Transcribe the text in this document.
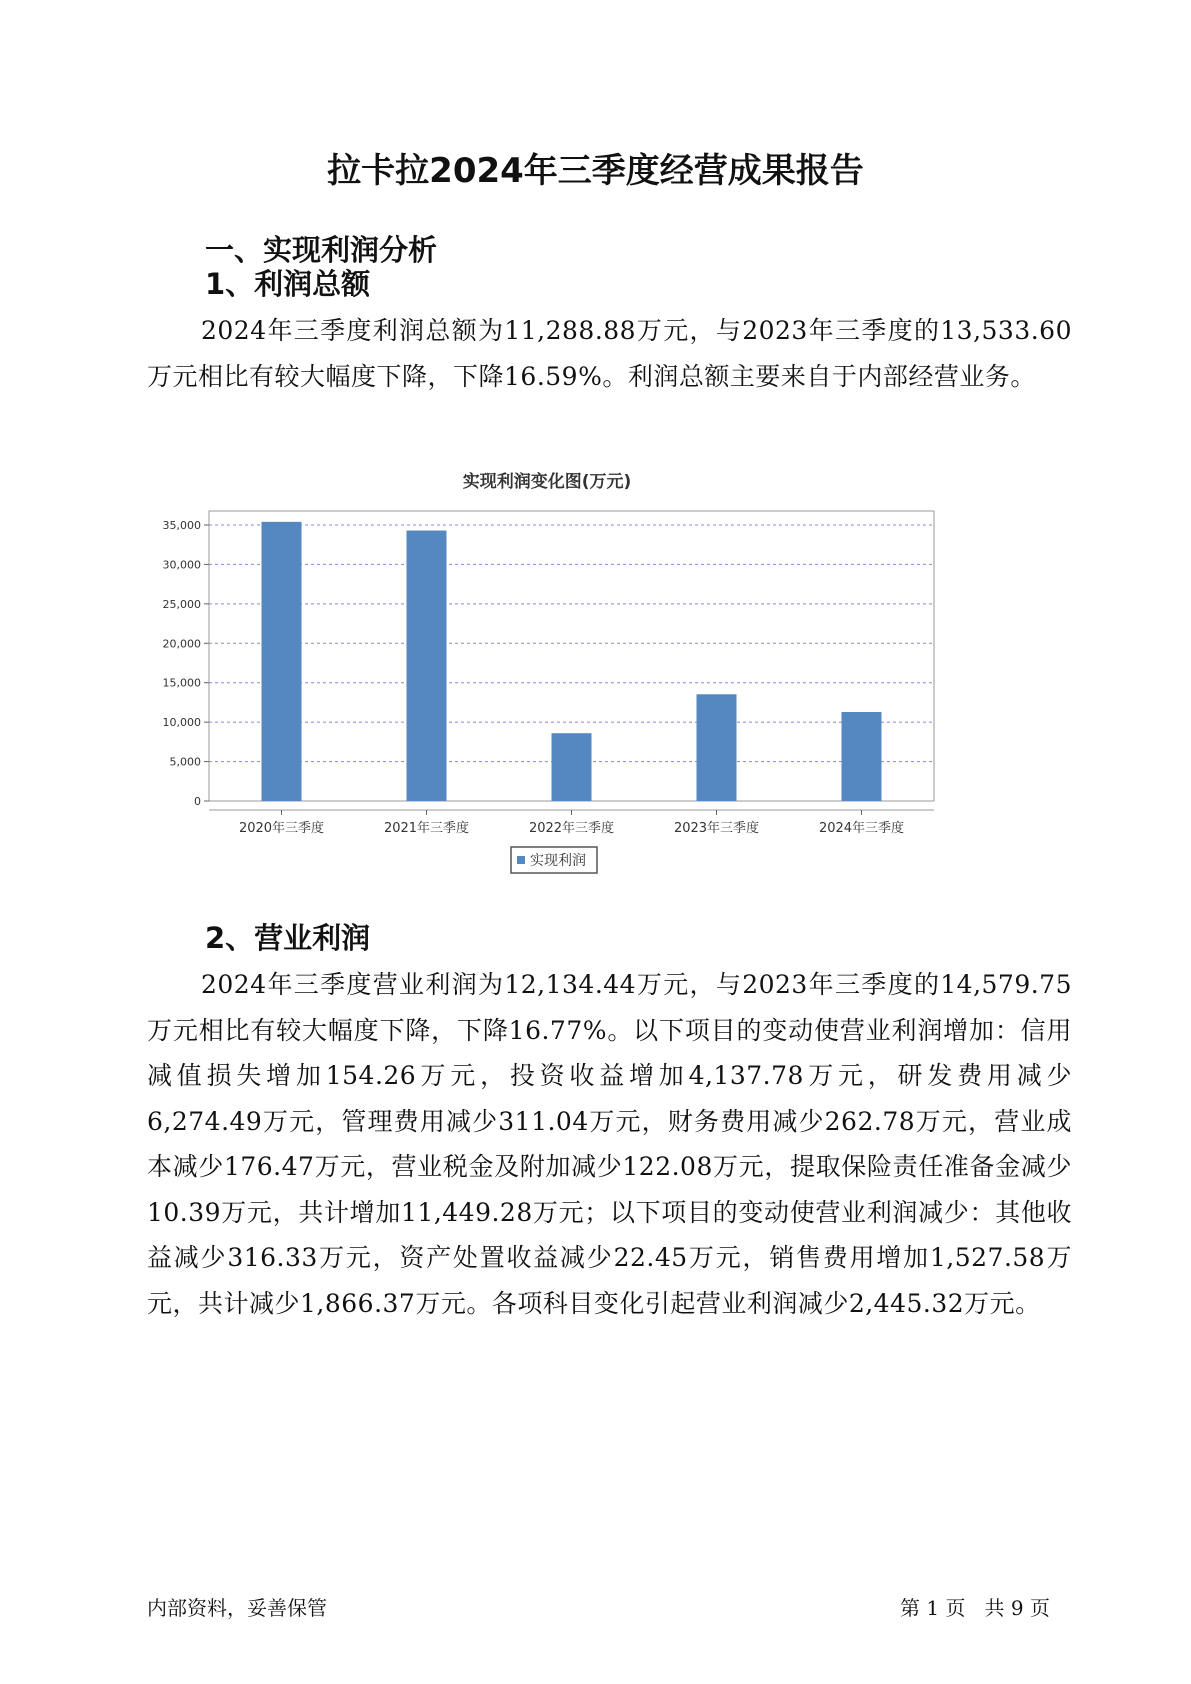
拉卡拉2024年三季度经营成果报告
一、实现利润分析
1、利润总额

2024年三季度利润总额为11,288.88万元，与2023年三季度的13,533.60万元相比有较大幅度下降，下降16.59%。利润总额主要来自于内部经营业务。

实现利润变化图(万元)
0
5,000
10,000
15,000
20,000
25,000
30,000
35,000
2020年三季度	2021年三季度	2022年三季度	2023年三季度	2024年三季度
实现利润
2、营业利润

2024年三季度营业利润为12,134.44万元，与2023年三季度的14,579.75万元相比有较大幅度下降，下降16.77%。以下项目的变动使营业利润增加：信用减值损失增加154.26万元，投资收益增加4,137.78万元，研发费用减少6,274.49万元，管理费用减少311.04万元，财务费用减少262.78万元，营业成本减少176.47万元，营业税金及附加减少122.08万元，提取保险责任准备金减少10.39万元，共计增加11,449.28万元；以下项目的变动使营业利润减少：其他收益减少316.33万元，资产处置收益减少22.45万元，销售费用增加1,527.58万元，共计减少1,866.37万元。各项科目变化引起营业利润减少2,445.32万元。

内部资料，妥善保管	第 1 页   共 9 页
